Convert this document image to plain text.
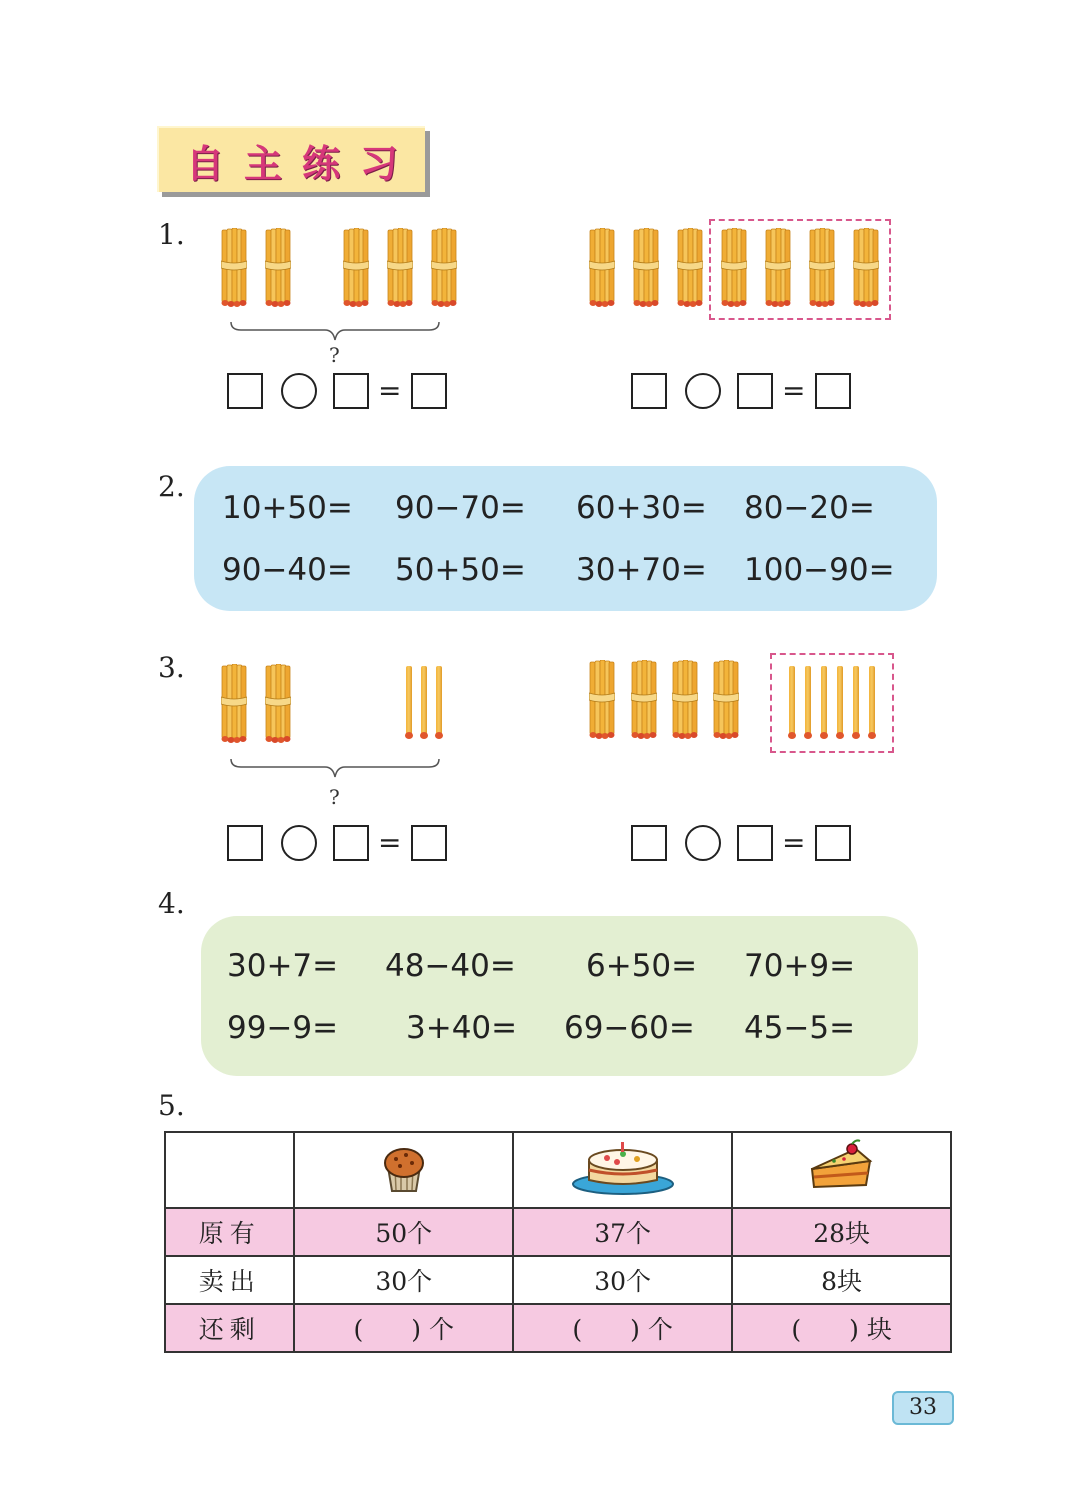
自主练习
1.
?
=	=
2.
10+50= 90−70= 60+30= 80−20=
90−40= 50+50= 30+70= 100−90=
3.
?
=	=
4.
30+7= 48−40= 6+50= 70+9=
99−9= 3+40= 69−60= 45−5=
5.

原有	50个	37个	28块
卖出	30个	30个	8块
还剩	( ) 个	( ) 个	( ) 块
33
